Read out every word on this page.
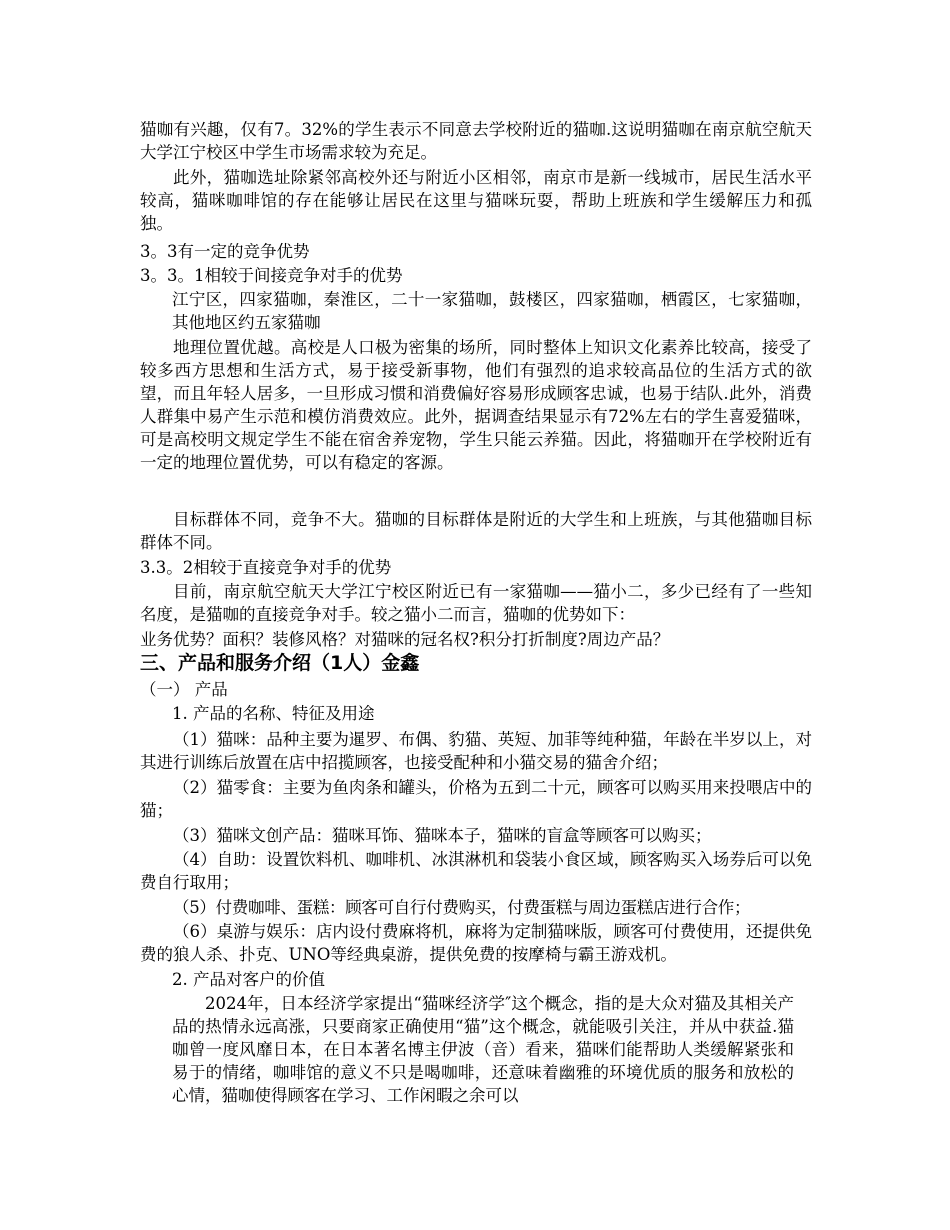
猫咖有兴趣，仅有7。32%的学生表示不同意去学校附近的猫咖.这说明猫咖在南京航空航天大学江宁校区中学生市场需求较为充足。

此外，猫咖选址除紧邻高校外还与附近小区相邻，南京市是新一线城市，居民生活水平较高，猫咪咖啡馆的存在能够让居民在这里与猫咪玩耍，帮助上班族和学生缓解压力和孤独。

3。3有一定的竞争优势

3。3。1相较于间接竞争对手的优势

江宁区，四家猫咖，秦淮区，二十一家猫咖，鼓楼区，四家猫咖，栖霞区，七家猫咖，其他地区约五家猫咖

地理位置优越。高校是人口极为密集的场所，同时整体上知识文化素养比较高，接受了较多西方思想和生活方式，易于接受新事物，他们有强烈的追求较高品位的生活方式的欲望，而且年轻人居多，一旦形成习惯和消费偏好容易形成顾客忠诚，也易于结队.此外，消费人群集中易产生示范和模仿消费效应。此外，据调查结果显示有72%左右的学生喜爱猫咪，可是高校明文规定学生不能在宿舍养宠物，学生只能云养猫。因此，将猫咖开在学校附近有一定的地理位置优势，可以有稳定的客源。

目标群体不同，竞争不大。猫咖的目标群体是附近的大学生和上班族，与其他猫咖目标群体不同。

3.3。2相较于直接竞争对手的优势

目前，南京航空航天大学江宁校区附近已有一家猫咖——猫小二，多少已经有了一些知名度，是猫咖的直接竞争对手。较之猫小二而言，猫咖的优势如下：

业务优势？面积？装修风格？对猫咪的冠名权?积分打折制度?周边产品？

三、产品和服务介绍（1人）金鑫

（一） 产品

1. 产品的名称、特征及用途

（1）猫咪：品种主要为暹罗、布偶、豹猫、英短、加菲等纯种猫，年龄在半岁以上，对其进行训练后放置在店中招揽顾客，也接受配种和小猫交易的猫舍介绍；

（2）猫零食：主要为鱼肉条和罐头，价格为五到二十元，顾客可以购买用来投喂店中的猫；

（3）猫咪文创产品：猫咪耳饰、猫咪本子，猫咪的盲盒等顾客可以购买；

（4）自助：设置饮料机、咖啡机、冰淇淋机和袋装小食区域，顾客购买入场券后可以免费自行取用；

（5）付费咖啡、蛋糕：顾客可自行付费购买，付费蛋糕与周边蛋糕店进行合作；

（6）桌游与娱乐：店内设付费麻将机，麻将为定制猫咪版，顾客可付费使用，还提供免费的狼人杀、扑克、UNO等经典桌游，提供免费的按摩椅与霸王游戏机。

2. 产品对客户的价值

2024年，日本经济学家提出“猫咪经济学″这个概念，指的是大众对猫及其相关产品的热情永远高涨，只要商家正确使用“猫”这个概念，就能吸引关注，并从中获益.猫咖曾一度风靡日本，在日本著名博主伊波（音）看来，猫咪们能帮助人类缓解紧张和易于的情绪，咖啡馆的意义不只是喝咖啡，还意味着幽雅的环境优质的服务和放松的心情，猫咖使得顾客在学习、工作闲暇之余可以
